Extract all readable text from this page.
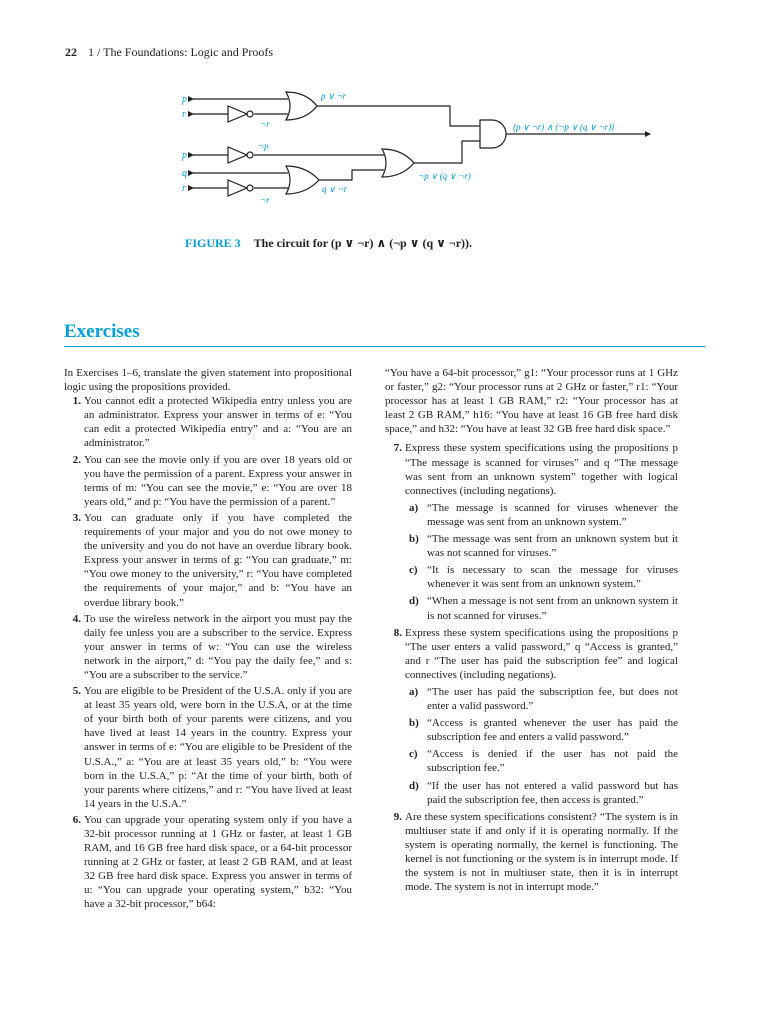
22 1 / The Foundations: Logic and Proofs
p
r
p
q
r
p ∨ ¬r
¬r
¬p
q ∨ ¬r
¬r
¬p ∨ (q ∨ ¬r)
(p ∨ ¬r) ∧ (¬p ∨ (q ∨ ¬r))
FIGURE 3 The circuit for (p ∨ ¬r) ∧ (¬p ∨ (q ∨ ¬r)).
Exercises

In Exercises 1–6, translate the given statement into propositional logic using the propositions provided.

1. You cannot edit a protected Wikipedia entry unless you are an administrator. Express your answer in terms of e: “You can edit a protected Wikipedia entry” and a: “You are an administrator.”
2. You can see the movie only if you are over 18 years old or you have the permission of a parent. Express your answer in terms of m: “You can see the movie,” e: “You are over 18 years old,” and p: “You have the permission of a parent.”
3. You can graduate only if you have completed the requirements of your major and you do not owe money to the university and you do not have an overdue library book. Express your answer in terms of g: “You can graduate,” m: “You owe money to the university,” r: “You have completed the requirements of your major,” and b: “You have an overdue library book.”
4. To use the wireless network in the airport you must pay the daily fee unless you are a subscriber to the service. Express your answer in terms of w: “You can use the wireless network in the airport,” d: “You pay the daily fee,” and s: “You are a subscriber to the service.”
5. You are eligible to be President of the U.S.A. only if you are at least 35 years old, were born in the U.S.A, or at the time of your birth both of your parents were citizens, and you have lived at least 14 years in the country. Express your answer in terms of e: “You are eligible to be President of the U.S.A.,” a: “You are at least 35 years old,” b: “You were born in the U.S.A,” p: “At the time of your birth, both of your parents where citizens,” and r: “You have lived at least 14 years in the U.S.A.”
6. You can upgrade your operating system only if you have a 32-bit processor running at 1 GHz or faster, at least 1 GB RAM, and 16 GB free hard disk space, or a 64-bit processor running at 2 GHz or faster, at least 2 GB RAM, and at least 32 GB free hard disk space. Express you answer in terms of u: “You can upgrade your operating system,” b32: “You have a 32-bit processor,” b64:

“You have a 64-bit processor,” g1: “Your processor runs at 1 GHz or faster,” g2: “Your processor runs at 2 GHz or faster,” r1: “Your processor has at least 1 GB RAM,” r2: “Your processor has at least 2 GB RAM,” h16: “You have at least 16 GB free hard disk space,” and h32: “You have at least 32 GB free hard disk space.”

7. Express these system specifications using the propositions p “The message is scanned for viruses” and q “The message was sent from an unknown system” together with logical connectives (including negations).
a) “The message is scanned for viruses whenever the message was sent from an unknown system.”
b) “The message was sent from an unknown system but it was not scanned for viruses.”
c) “It is necessary to scan the message for viruses whenever it was sent from an unknown system.”
d) “When a message is not sent from an unknown system it is not scanned for viruses.”
8. Express these system specifications using the propositions p “The user enters a valid password,” q “Access is granted,” and r “The user has paid the subscription fee” and logical connectives (including negations).
a) “The user has paid the subscription fee, but does not enter a valid password.”
b) “Access is granted whenever the user has paid the subscription fee and enters a valid password.”
c) “Access is denied if the user has not paid the subscription fee.”
d) “If the user has not entered a valid password but has paid the subscription fee, then access is granted.”
9. Are these system specifications consistent? “The system is in multiuser state if and only if it is operating normally. If the system is operating normally, the kernel is functioning. The kernel is not functioning or the system is in interrupt mode. If the system is not in multiuser state, then it is in interrupt mode. The system is not in interrupt mode.”
